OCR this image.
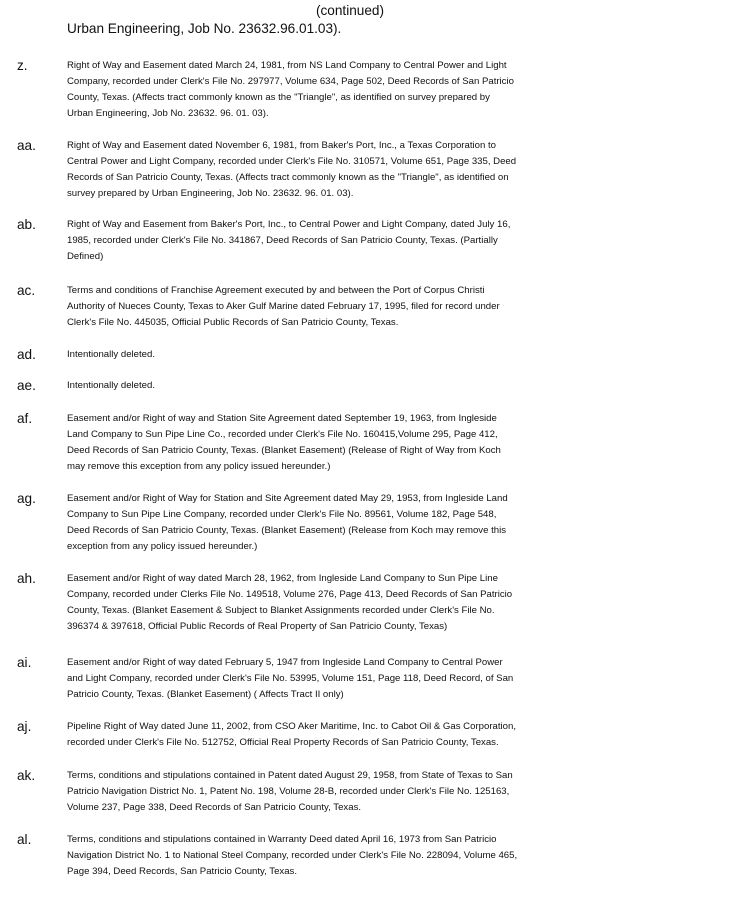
(continued)
Urban Engineering, Job No. 23632.96.01.03).
z.	Right of Way and Easement dated March 24, 1981, from NS Land Company to Central Power and Light
Company, recorded under Clerk's File No. 297977, Volume 634, Page 502, Deed Records of San Patricio
County, Texas. (Affects tract commonly known as the "Triangle", as identified on survey prepared by
Urban Engineering, Job No. 23632. 96. 01. 03).
aa.	Right of Way and Easement dated November 6, 1981, from Baker's Port, Inc., a Texas Corporation to
Central Power and Light Company, recorded under Clerk's File No. 310571, Volume 651, Page 335, Deed
Records of San Patricio County, Texas. (Affects tract commonly known as the "Triangle", as identified on
survey prepared by Urban Engineering, Job No. 23632. 96. 01. 03).
ab.	Right of Way and Easement from Baker's Port, Inc., to Central Power and Light Company, dated July 16,
1985, recorded under Clerk's File No. 341867, Deed Records of San Patricio County, Texas. (Partially
Defined)
ac.	Terms and conditions of Franchise Agreement executed by and between the Port of Corpus Christi
Authority of Nueces County, Texas to Aker Gulf Marine dated February 17, 1995, filed for record under
Clerk's File No. 445035, Official Public Records of San Patricio County, Texas.
ad.	Intentionally deleted.
ae.	Intentionally deleted.
af.	Easement and/or Right of way and Station Site Agreement dated September 19, 1963, from Ingleside
Land Company to Sun Pipe Line Co., recorded under Clerk's File No. 160415,Volume 295, Page 412,
Deed Records of San Patricio County, Texas. (Blanket Easement) (Release of Right of Way from Koch
may remove this exception from any policy issued hereunder.)
ag.	Easement and/or Right of Way for Station and Site Agreement dated May 29, 1953, from Ingleside Land
Company to Sun Pipe Line Company, recorded under Clerk's File No. 89561, Volume 182, Page 548,
Deed Records of San Patricio County, Texas. (Blanket Easement) (Release from Koch may remove this
exception from any policy issued hereunder.)
ah.	Easement and/or Right of way dated March 28, 1962, from Ingleside Land Company to Sun Pipe Line
Company, recorded under Clerks File No. 149518, Volume 276, Page 413, Deed Records of San Patricio
County, Texas. (Blanket Easement & Subject to Blanket Assignments recorded under Clerk's File No.
396374 & 397618, Official Public Records of Real Property of San Patricio County, Texas)
ai.	Easement and/or Right of way dated February 5, 1947 from Ingleside Land Company to Central Power
and Light Company, recorded under Clerk's File No. 53995, Volume 151, Page 118, Deed Record, of San
Patricio County, Texas. (Blanket Easement) ( Affects Tract II only)
aj.	Pipeline Right of Way dated June 11, 2002, from CSO Aker Maritime, Inc. to Cabot Oil & Gas Corporation,
recorded under Clerk's File No. 512752, Official Real Property Records of San Patricio County, Texas.
ak.	Terms, conditions and stipulations contained in Patent dated August 29, 1958, from State of Texas to San
Patricio Navigation District No. 1, Patent No. 198, Volume 28-B, recorded under Clerk's File No. 125163,
Volume 237, Page 338, Deed Records of San Patricio County, Texas.
al.	Terms, conditions and stipulations contained in Warranty Deed dated April 16, 1973 from San Patricio
Navigation District No. 1 to National Steel Company, recorded under Clerk's File No. 228094, Volume 465,
Page 394, Deed Records, San Patricio County, Texas.
